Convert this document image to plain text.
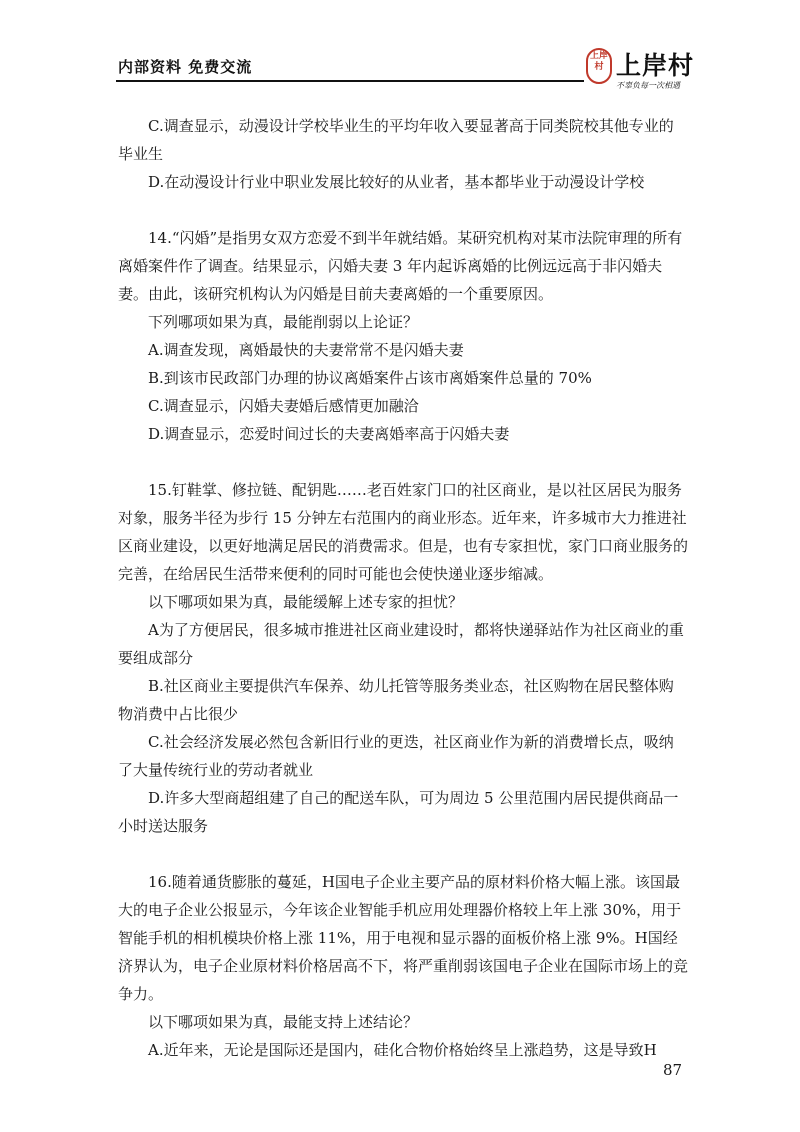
内部资料 免费交流
上岸村 上岸村
不辜负每一次相遇

C.调查显示，动漫设计学校毕业生的平均年收入要显著高于同类院校其他专业的毕业生

D.在动漫设计行业中职业发展比较好的从业者，基本都毕业于动漫设计学校

14.“闪婚”是指男女双方恋爱不到半年就结婚。某研究机构对某市法院审理的所有离婚案件作了调查。结果显示，闪婚夫妻 3 年内起诉离婚的比例远远高于非闪婚夫妻。由此，该研究机构认为闪婚是目前夫妻离婚的一个重要原因。

下列哪项如果为真，最能削弱以上论证？

A.调查发现，离婚最快的夫妻常常不是闪婚夫妻

B.到该市民政部门办理的协议离婚案件占该市离婚案件总量的 70%

C.调查显示，闪婚夫妻婚后感情更加融洽

D.调查显示，恋爱时间过长的夫妻离婚率高于闪婚夫妻

15.钉鞋掌、修拉链、配钥匙……老百姓家门口的社区商业，是以社区居民为服务对象，服务半径为步行 15 分钟左右范围内的商业形态。近年来，许多城市大力推进社区商业建设，以更好地满足居民的消费需求。但是，也有专家担忧，家门口商业服务的完善，在给居民生活带来便利的同时可能也会使快递业逐步缩减。

以下哪项如果为真，最能缓解上述专家的担忧？

A为了方便居民，很多城市推进社区商业建设时，都将快递驿站作为社区商业的重要组成部分

B.社区商业主要提供汽车保养、幼儿托管等服务类业态，社区购物在居民整体购物消费中占比很少

C.社会经济发展必然包含新旧行业的更迭，社区商业作为新的消费增长点，吸纳了大量传统行业的劳动者就业

D.许多大型商超组建了自己的配送车队，可为周边 5 公里范围内居民提供商品一小时送达服务

16.随着通货膨胀的蔓延，H国电子企业主要产品的原材料价格大幅上涨。该国最大的电子企业公报显示，今年该企业智能手机应用处理器价格较上年上涨 30%，用于智能手机的相机模块价格上涨 11%，用于电视和显示器的面板价格上涨 9%。H国经济界认为，电子企业原材料价格居高不下，将严重削弱该国电子企业在国际市场上的竞争力。

以下哪项如果为真，最能支持上述结论？

A.近年来，无论是国际还是国内，硅化合物价格始终呈上涨趋势，这是导致H

87
